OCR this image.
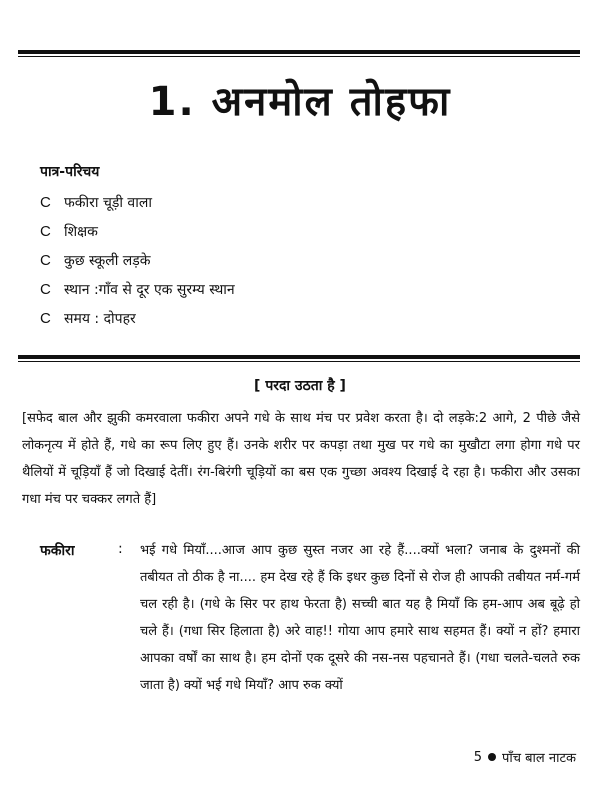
1. अनमोल तोहफा
पात्र-परिचय
C फकीरा चूड़ी वाला
C शिक्षक
C कुछ स्कूली लड़के
C स्थान :गाँव से दूर एक सुरम्य स्थान
C समय : दोपहर
[ परदा उठता है ]

[सफेद बाल और झुकी कमरवाला फकीरा अपने गधे के साथ मंच पर प्रवेश करता है। दो लड़के:2 आगे, 2 पीछे जैसे लोकनृत्य में होते हैं, गधे का रूप लिए हुए हैं। उनके शरीर पर कपड़ा तथा मुख पर गधे का मुखौटा लगा होगा गधे पर थैलियों में चूड़ियाँ हैं जो दिखाई देतीं। रंग-बिरंगी चूड़ियों का बस एक गुच्छा अवश्य दिखाई दे रहा है। फकीरा और उसका गधा मंच पर चक्कर लगते हैं]

फकीरा	: भई गधे मियाँ....आज आप कुछ सुस्त नजर आ रहे हैं....क्यों भला? जनाब के दुश्मनों की तबीयत तो ठीक है ना.... हम देख रहे हैं कि इधर कुछ दिनों से रोज ही आपकी तबीयत नर्म-गर्म चल रही है। (गधे के सिर पर हाथ फेरता है) सच्ची बात यह है मियाँ कि हम-आप अब बूढ़े हो चले हैं। (गधा सिर हिलाता है) अरे वाह!! गोया आप हमारे साथ सहमत हैं। क्यों न हों? हमारा आपका वर्षों का साथ है। हम दोनों एक दूसरे की नस-नस पहचानते हैं। (गधा चलते-चलते रुक जाता है) क्यों भई गधे मियाँ? आप रुक क्यों

5 पाँच बाल नाटक
